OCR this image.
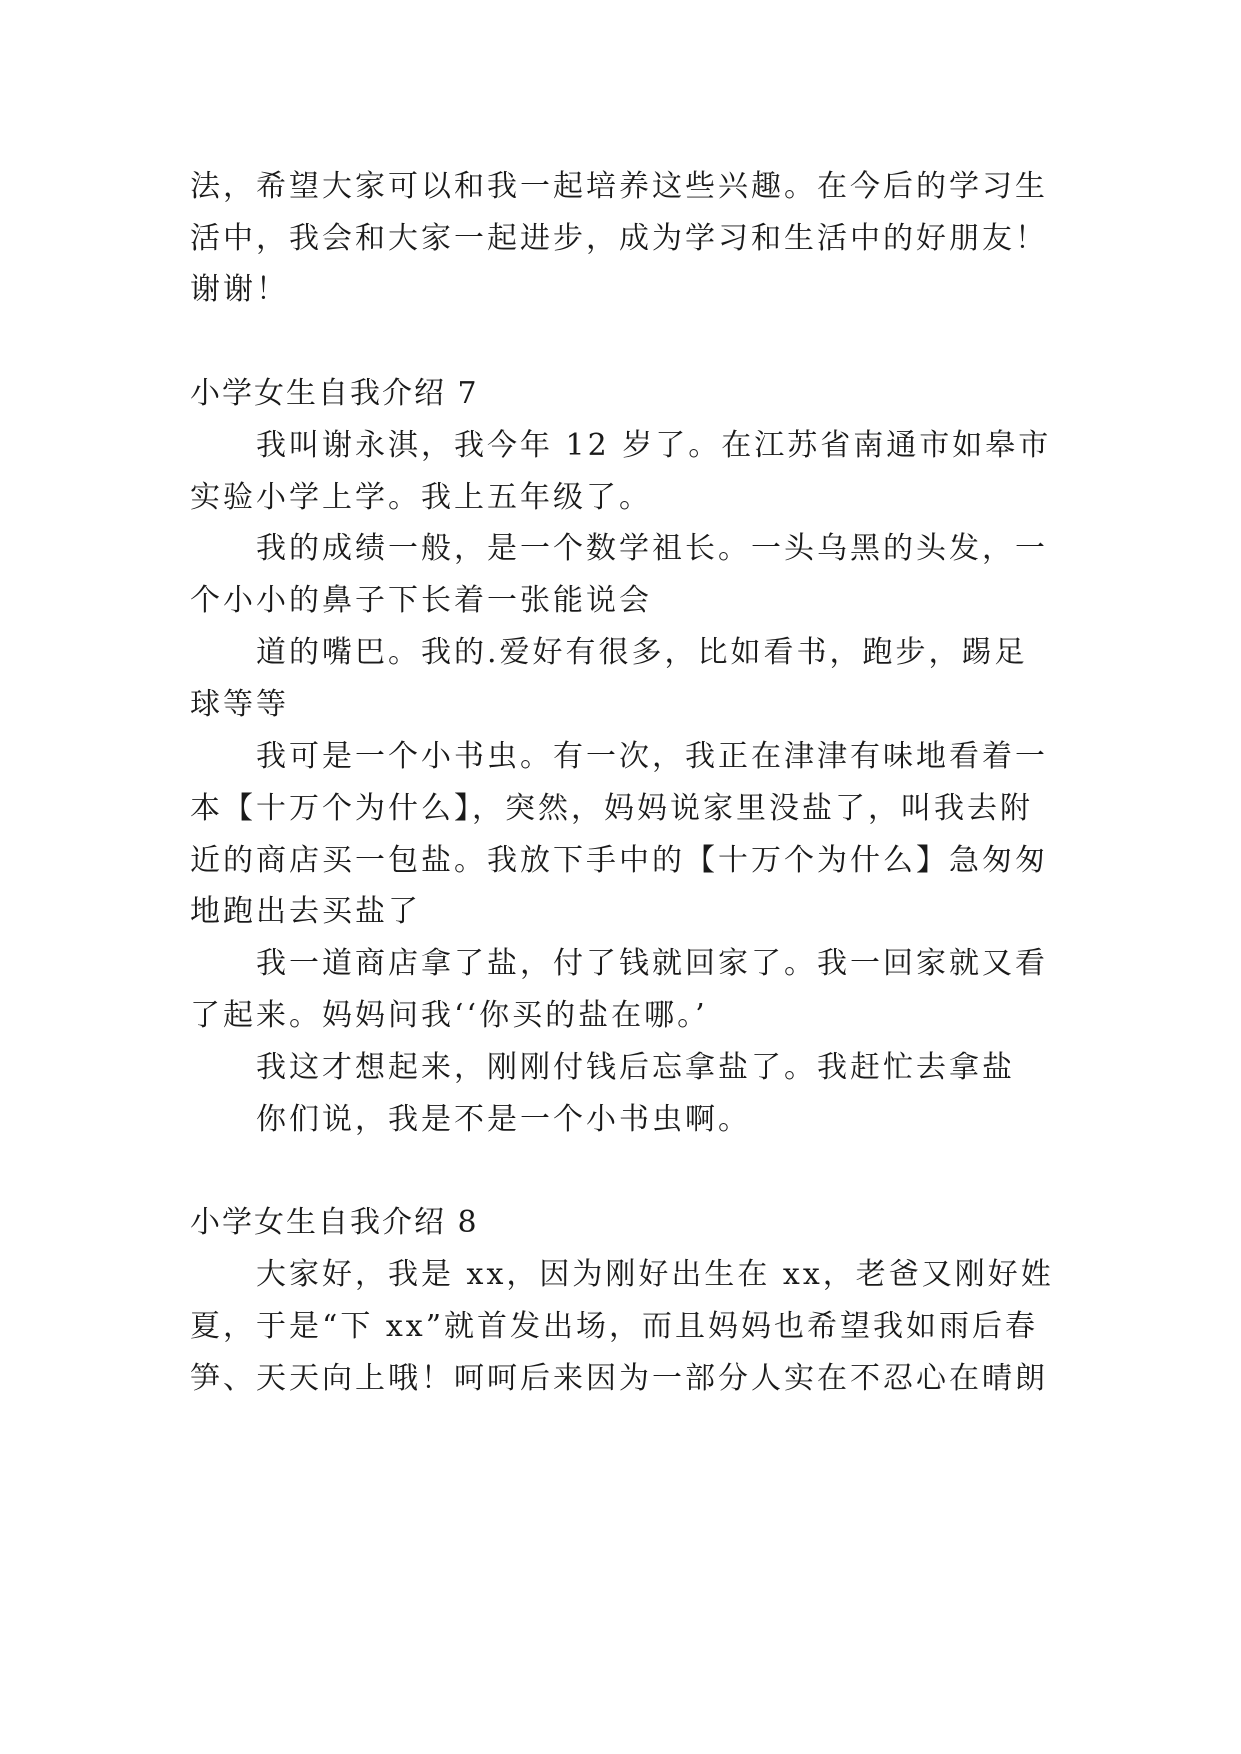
法，希望大家可以和我一起培养这些兴趣。在今后的学习生
活中，我会和大家一起进步，成为学习和生活中的好朋友！
谢谢！
小学女生自我介绍 7
我叫谢永淇，我今年 12 岁了。在江苏省南通市如皋市
实验小学上学。我上五年级了。
我的成绩一般，是一个数学祖长。一头乌黑的头发，一
个小小的鼻子下长着一张能说会
道的嘴巴。我的.爱好有很多，比如看书，跑步，踢足
球等等
我可是一个小书虫。有一次，我正在津津有味地看着一
本【十万个为什么】，突然，妈妈说家里没盐了，叫我去附
近的商店买一包盐。我放下手中的【十万个为什么】急匆匆
地跑出去买盐了
我一道商店拿了盐，付了钱就回家了。我一回家就又看
了起来。妈妈问我‘‘你买的盐在哪。’
我这才想起来，刚刚付钱后忘拿盐了。我赶忙去拿盐
你们说，我是不是一个小书虫啊。
小学女生自我介绍 8
大家好，我是 xx，因为刚好出生在 xx，老爸又刚好姓
夏，于是“下 xx”就首发出场，而且妈妈也希望我如雨后春
笋、天天向上哦！呵呵后来因为一部分人实在不忍心在晴朗
